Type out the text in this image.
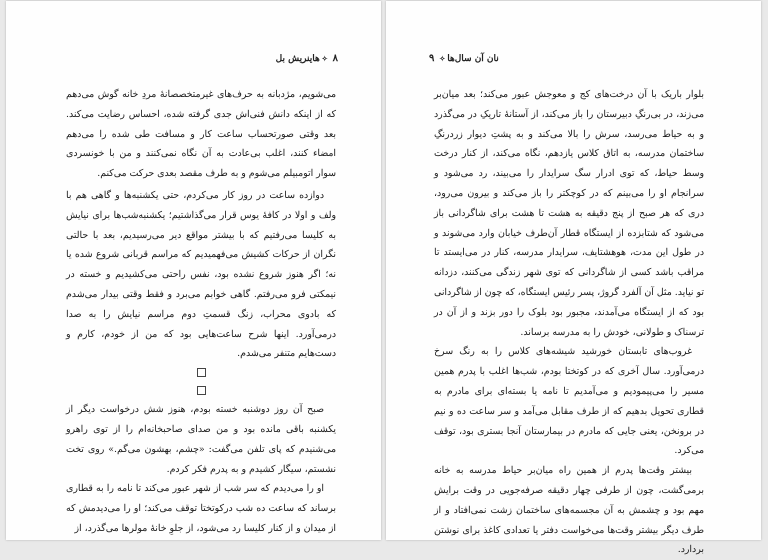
۸✧هاینریش بل

می‌شویم، مژدبانه به حرف‌های غیرمتخصصانهٔ مردِ خانه گوش می‌دهم که از اینکه دانش فنی‌اش جدی گرفته شده، احساس رضایت می‌کند. بعد وقتی صورتحساب ساعت کار و مسافت طی شده را می‌دهم امضاء کنند، اغلب بی‌عادت به آن نگاه نمی‌کنند و من با خونسردی سوار اتومبیلم می‌شوم و به طرف مقصد بعدی حرکت می‌کنم.

دوازده ساعت در روز کار می‌کردم، حتی یکشنبه‌ها و گاهی هم با ولف و اولا در کافهٔ یوس قرار می‌گذاشتیم؛ یکشنبه‌شب‌ها برای نیایش به کلیسا می‌رفتیم که با بیشتر مواقع دیر می‌رسیدیم، بعد با حالتی نگران از حرکات کشیش می‌فهمیدیم که مراسم قربانی شروع شده یا نه؛ اگر هنوز شروع نشده بود، نفس راحتی می‌کشیدیم و خسته در نیمکتی فرو می‌رفتم. گاهی خوابم می‌برد و فقط وقتی بیدار می‌شدم که بادوی محراب، زنگ قسمتِ دوم مراسم نیایش را به صدا درمی‌آورد. اینها شرح ساعت‌هایی بود که من از خودم، کارم و دست‌هایم متنفر می‌شدم.

صبح آن روز دوشنبه خسته بودم، هنوز شش درخواست دیگر از یکشنبه باقی مانده بود و من صدای صاحبخانه‌ام را از توی راهرو می‌شنیدم که پای تلفن می‌گفت: «چشم، بهشون می‌گم.» روی تخت نشستم، سیگار کشیدم و به پدرم فکر کردم.

او را می‌دیدم که سر شب از شهر عبور می‌کند تا نامه را به قطاری برساند که ساعت ده شب درکوتختا توقف می‌کند؛ او را می‌دیدمش که از میدان و از کنار کلیسا رد می‌شود، از جلوِ خانهٔ مولرها می‌گذرد، از

نان آن سال‌ها✧۹

بلوار باریک با آن درخت‌های کج و معوجش عبور می‌کند؛ بعد میان‌بر می‌زند، در بی‌رنگِ دبیرستان را باز می‌کند، از آستانهٔ تاریکِ در می‌گذرد و به حیاط می‌رسد، سرش را بالا می‌کند و به پشتِ دیوار زردرنگِ ساختمان مدرسه، به اتاق کلاس یازدهم، نگاه می‌کند، از کنار درخت وسط حیاط، که توی ادرار سگ سرایدار را می‌بیند، رد می‌شود و سرانجام او را می‌بینم که در کوچکتر را باز می‌کند و بیرون می‌رود، دری که هر صبح از پنج دقیقه به هشت تا هشت برای شاگردانی باز می‌شود که شتابزده از ایستگاه قطار آن‌طرف خیابان وارد می‌شوند و در طول این مدت، هوهشتایف، سرایدار مدرسه، کنار در می‌ایستد تا مراقب باشد کسی از شاگردانی که توی شهر زندگی می‌کنند، دزدانه تو نیاید. مثل آن آلفرد گروژ، پسر رئیس ایستگاه، که چون از شاگردانی بود که از ایستگاه می‌آمدند، مجبور بود بلوک را دور بزند و از آن در ترسناک و طولانی، خودش را به مدرسه برساند.

غروب‌های تابستان خورشید شیشه‌های کلاس را به رنگ سرخ درمی‌آورد. سال آخری که در کوتختا بودم، شب‌ها اغلب با پدرم همین مسیر را می‌پیمودیم و می‌آمدیم تا نامه یا بسته‌ای برای مادرم به قطاری تحویل بدهیم که از طرف مقابل می‌آمد و سر ساعت ده و نیم در برونخن، یعنی جایی که مادرم در بیمارستان آنجا بستری بود، توقف می‌کرد.

بیشتر وقت‌ها پدرم از همین راه میان‌بر حیاط مدرسه به خانه برمی‌گشت، چون از طرفی چهار دقیقه صرفه‌جویی در وقت برایش مهم بود و چشمش به آن مجسمه‌های ساختمان زشت نمی‌افتاد و از طرف دیگر بیشتر وقت‌ها می‌خواست دفتر یا تعدادی کاغذ برای نوشتن بردارد.
